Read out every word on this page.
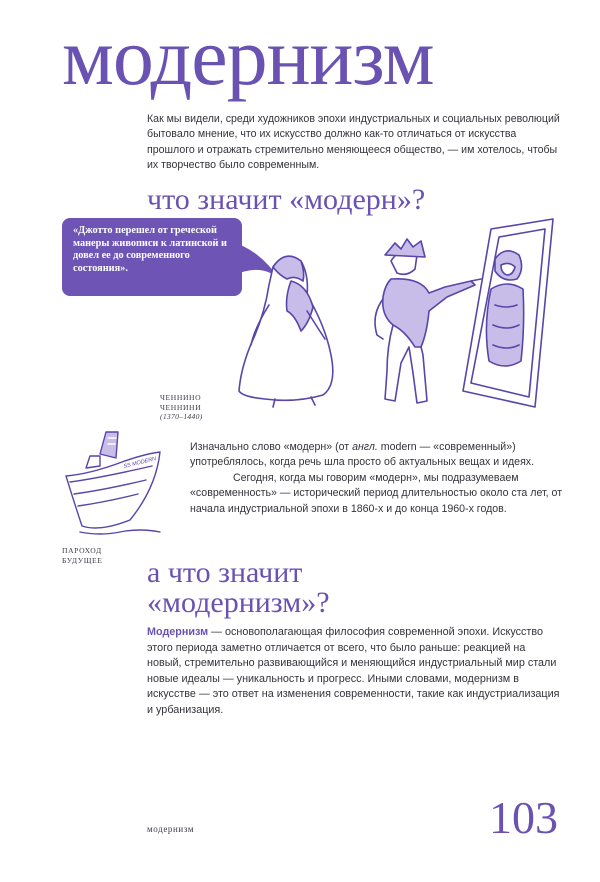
модернизм

Как мы видели, среди художников эпохи индустриальных и социальных революций бытовало мнение, что их искусство должно как-то отличаться от искусства прошлого и отражать стремительно меняющееся общество, — им хотелось, чтобы их творчество было современным.

что значит «модерн»?
«Джотто перешел от греческой манеры живописи к латинской и довел ее до современного состояния».

ЧЕННИНО ЧЕННИНИ
(1370–1440)

SS MODERN

ПАРОХОД БУДУЩЕЕ

Изначально слово «модерн» (от англ. modern — «современный») употреблялось, когда речь шла просто об актуальных вещах и идеях.
Сегодня, когда мы говорим «модерн», мы подразумеваем «современность» — исторический период длительностью около ста лет, от начала индустриальной эпохи в 1860-х и до конца 1960-х годов.

а что значит
«модернизм»?

Модернизм — основополагающая философия современной эпохи. Искусство этого периода заметно отличается от всего, что было раньше: реакцией на новый, стремительно развивающийся и меняющийся индустриальный мир стали новые идеалы — уникальность и прогресс. Иными словами, модернизм в искусстве — это ответ на изменения современности, такие как индустриализация и урбанизация.

модернизм	103
